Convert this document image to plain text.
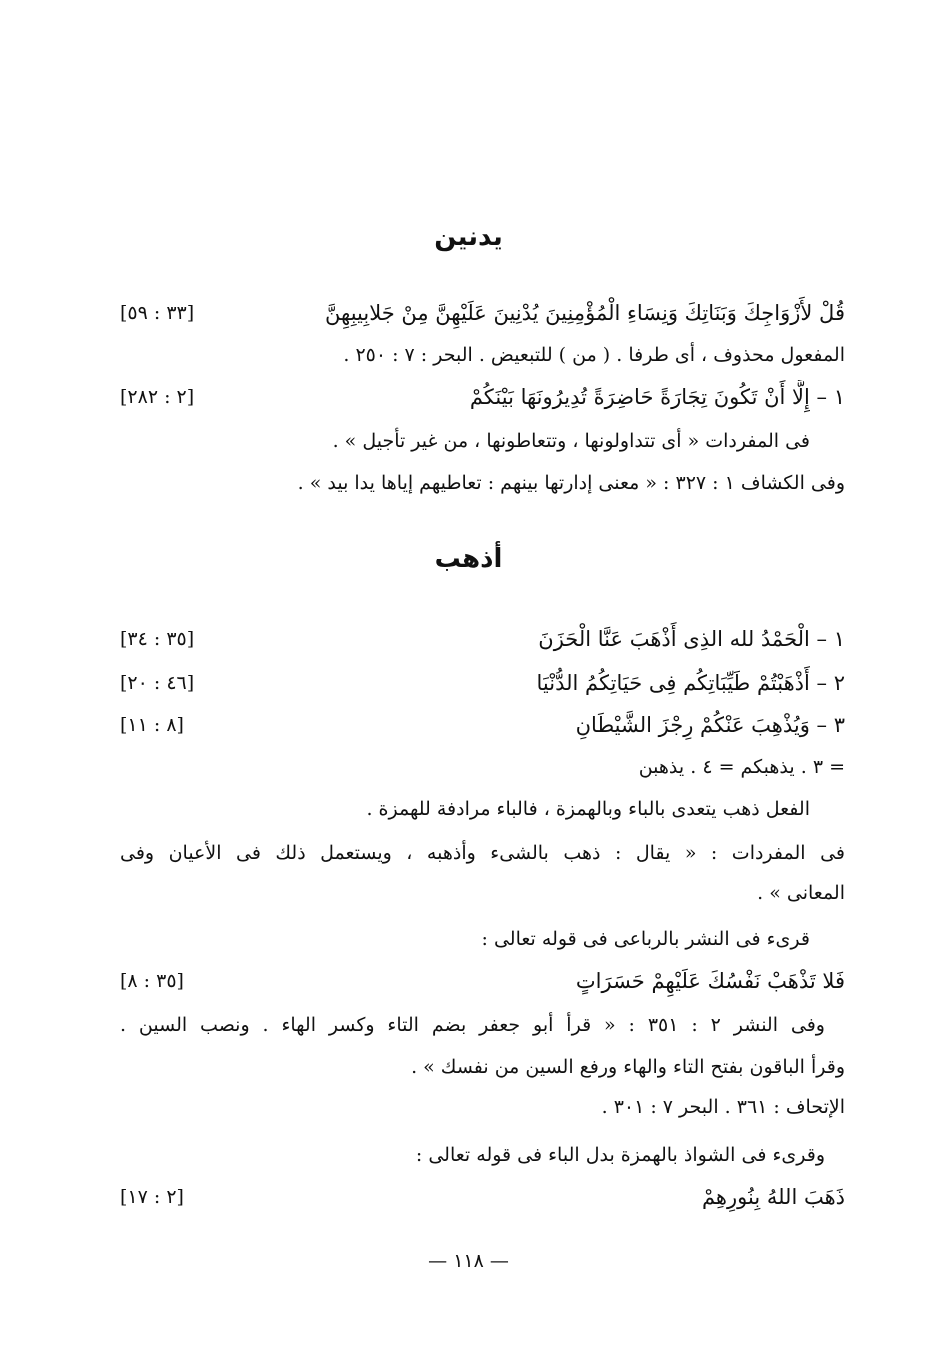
يدنين
قُلْ لأَزْوَاجِكَ وَبَنَاتِكَ وَنِسَاءِ الْمُؤْمِنِينَ يُدْنِينَ عَلَيْهِنَّ مِنْ جَلابِيبِهِنَّ
[٣٣ : ٥٩]
المفعول محذوف ، أى طرفا . ( من ) للتبعيض . البحر : ٧ : ٢٥٠ .
١ – إِلَّا أَنْ تَكُونَ تِجَارَةً حَاضِرَةً تُدِيرُونَهَا بَيْنَكُمْ
[٢ : ٢٨٢]
فى المفردات « أى تتداولونها ، وتتعاطونها ، من غير تأجيل » .
وفى الكشاف ١ : ٣٢٧ : « معنى إدارتها بينهم : تعاطيهم إياها يدا بيد » .
أذهب
١ – الْحَمْدُ لله الذِى أَذْهَبَ عَنَّا الْحَزَنَ
[٣٥ : ٣٤]
٢ – أَذْهَبْتُمْ طَيِّبَاتِكُم فِى حَيَاتِكُمُ الدُّنْيَا
[٤٦ : ٢٠]
٣ – وَيُذْهِبَ عَنْكُمْ رِجْزَ الشَّيْطَانِ
[٨ : ١١]
= ٣ . يذهبكم = ٤ . يذهبن
الفعل ذهب يتعدى بالباء وبالهمزة ، فالباء مرادفة للهمزة .
فى المفردات : « يقال : ذهب بالشىء وأذهبه ، ويستعمل ذلك فى الأعيان وفى
المعانى » .
قرىء فى النشر بالرباعى فى قوله تعالى :
فَلا تَذْهَبْ نَفْسُكَ عَلَيْهِمْ حَسَرَاتٍ
[٣٥ : ٨]
وفى النشر ٢ : ٣٥١ : « قرأ أبو جعفر بضم التاء وكسر الهاء . ونصب السين .
وقرأ الباقون بفتح التاء والهاء ورفع السين من نفسك » .
الإتحاف : ٣٦١ . البحر ٧ : ٣٠١ .
وقرىء فى الشواذ بالهمزة بدل الباء فى قوله تعالى :
ذَهَبَ اللهُ بِنُورِهِمْ
[٢ : ١٧]
— ١١٨ —
